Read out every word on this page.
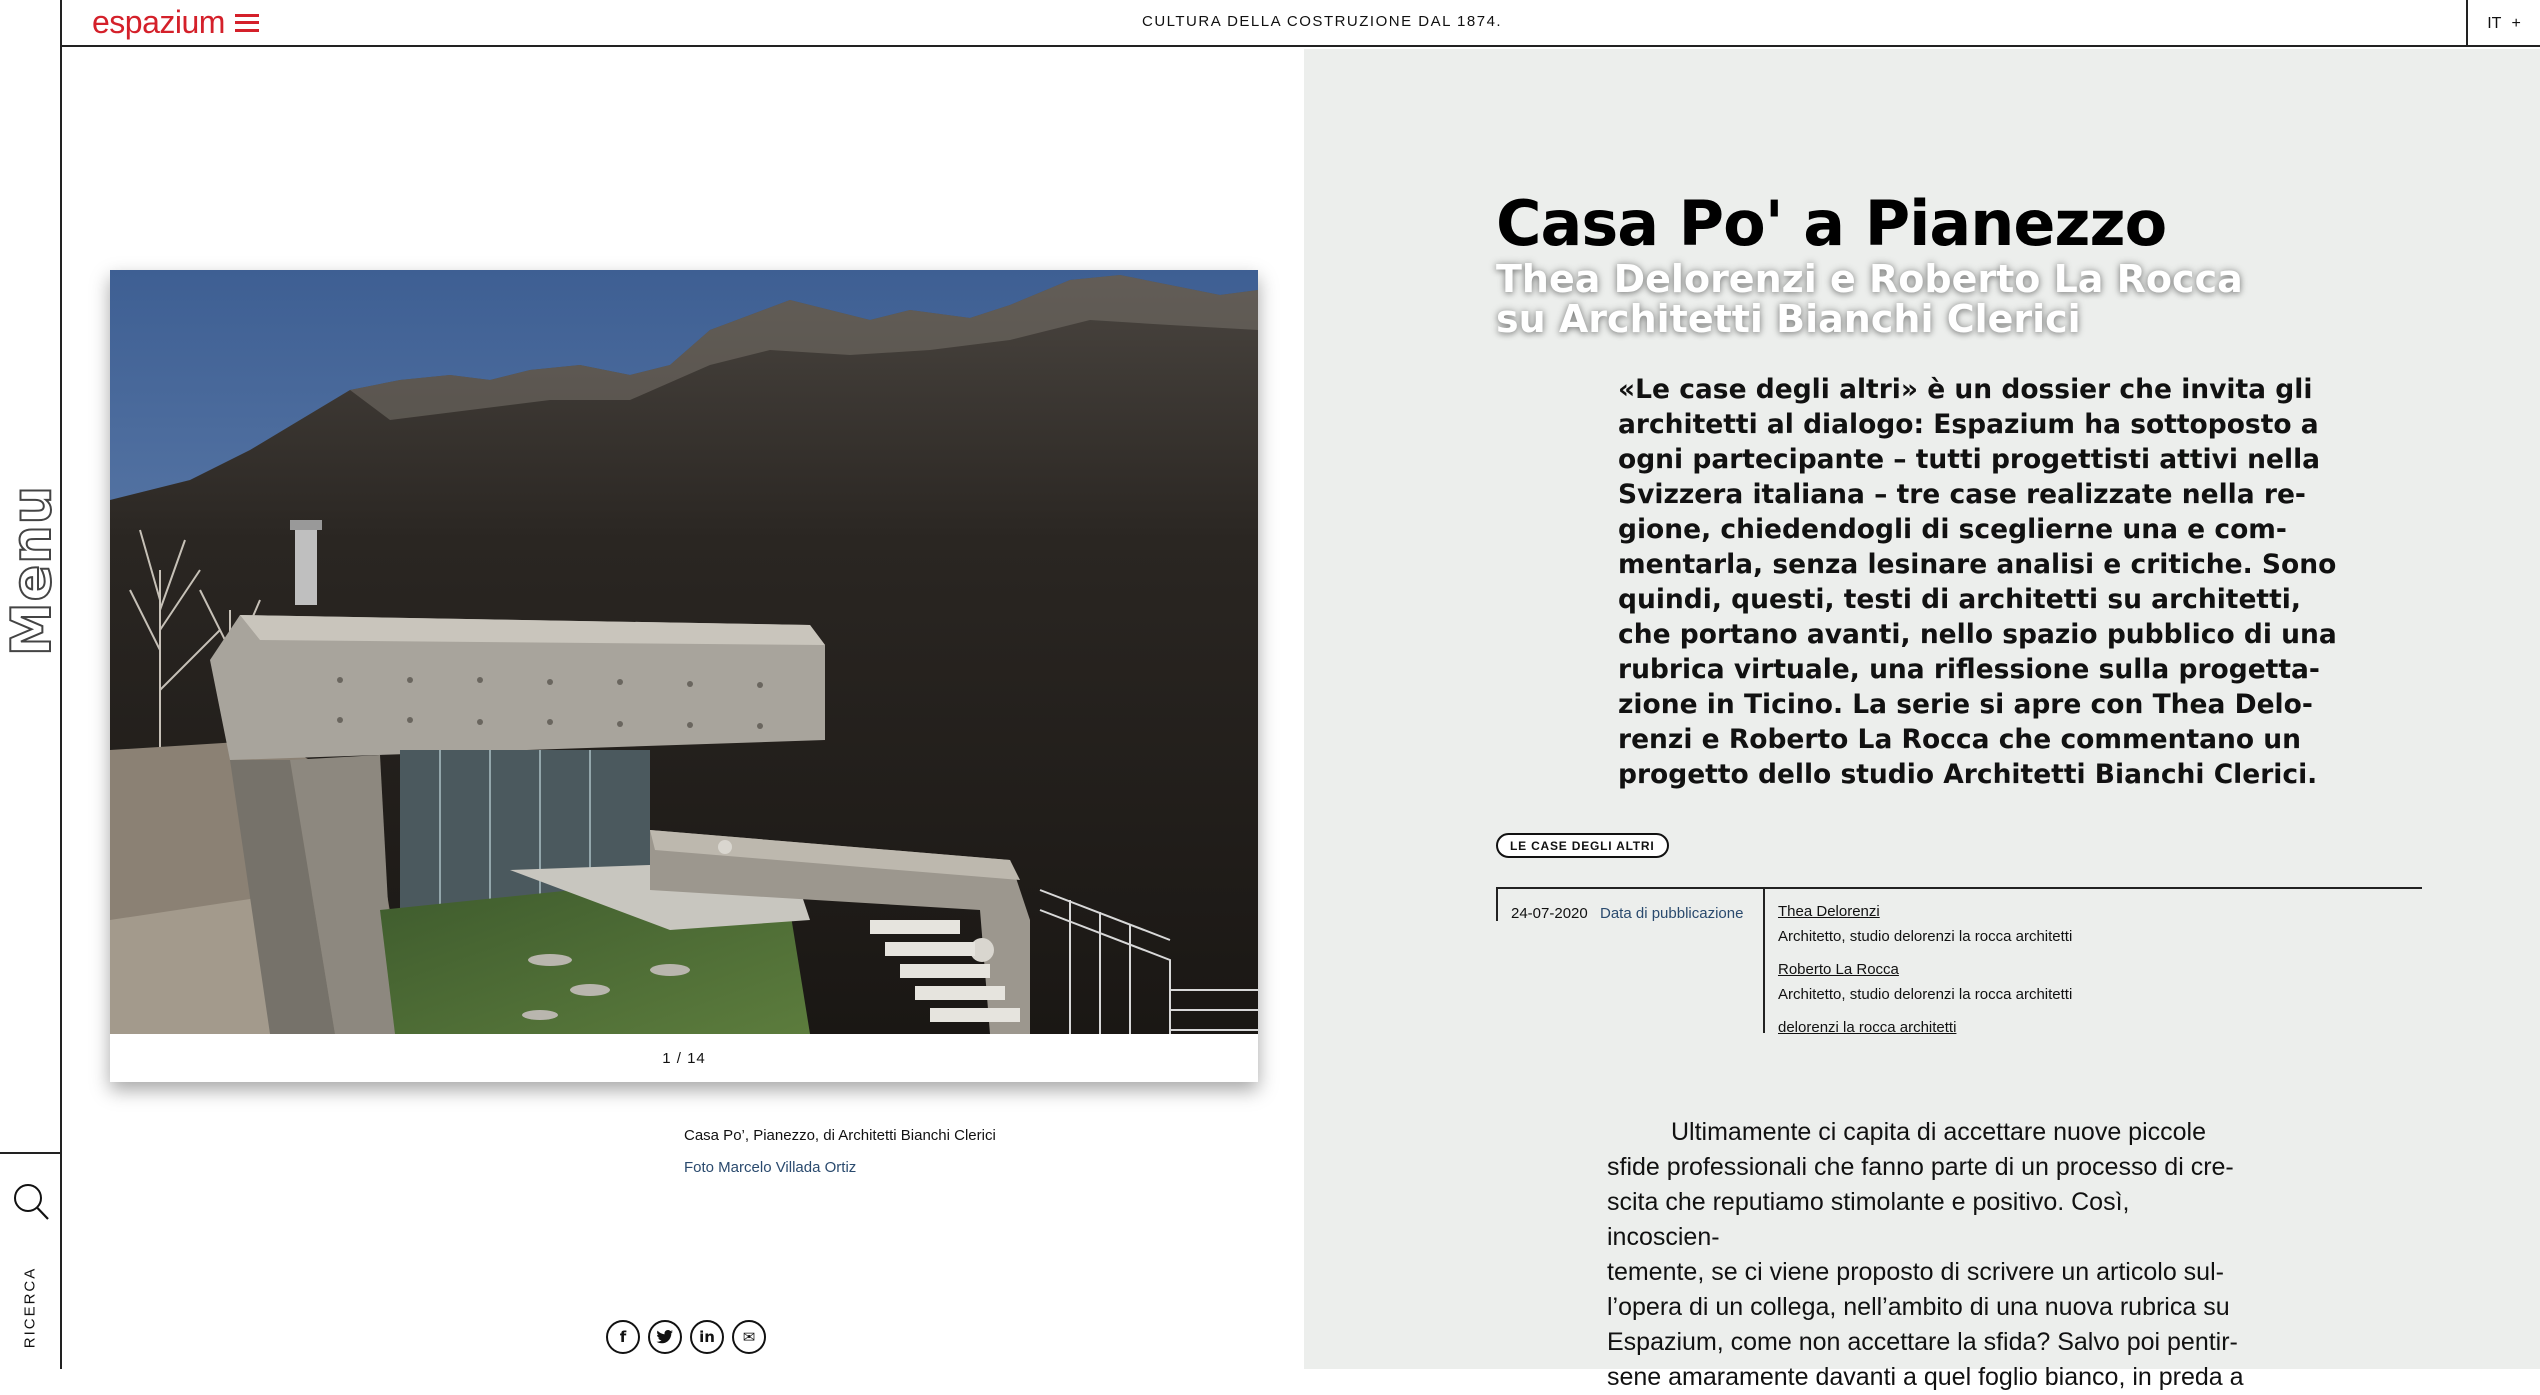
Menu
RICERCA
espazium	CULTURA DELLA COSTRUZIONE DAL 1874.	IT +
1 / 14
Casa Po’, Pianezzo, di Architetti Bianchi Clerici
Foto Marcelo Villada Ortiz
f	in	✉
Casa Po' a Pianezzo
Thea Delorenzi e Roberto La Rocca
su Architetti Bianchi Clerici
«Le case degli altri» è un dossier che invita gli
architetti al dialogo: Espazium ha sottoposto a
ogni partecipante – tutti progettisti attivi nella
Svizzera italiana – tre case realizzate nella re-
gione, chiedendogli di sceglierne una e com-
mentarla, senza lesinare analisi e critiche. Sono
quindi, questi, testi di architetti su architetti,
che portano avanti, nello spazio pubblico di una
rubrica virtuale, una riflessione sulla progetta-
zione in Ticino. La serie si apre con Thea Delo-
renzi e Roberto La Rocca che commentano un
progetto dello studio Architetti Bianchi Clerici.
LE CASE DEGLI ALTRI
24-07-2020 Data di pubblicazione Thea Delorenzi
Architetto, studio delorenzi la rocca architetti
Roberto La Rocca
Architetto, studio delorenzi la rocca architetti
delorenzi la rocca architetti
Ultimamente ci capita di accettare nuove piccole
sfide professionali che fanno parte di un processo di cre-
scita che reputiamo stimolante e positivo. Così, incoscien-
temente, se ci viene proposto di scrivere un articolo sul-
l’opera di un collega, nell’ambito di una nuova rubrica su
Espazium, come non accettare la sfida? Salvo poi pentir-
sene amaramente davanti a quel foglio bianco, in preda a
